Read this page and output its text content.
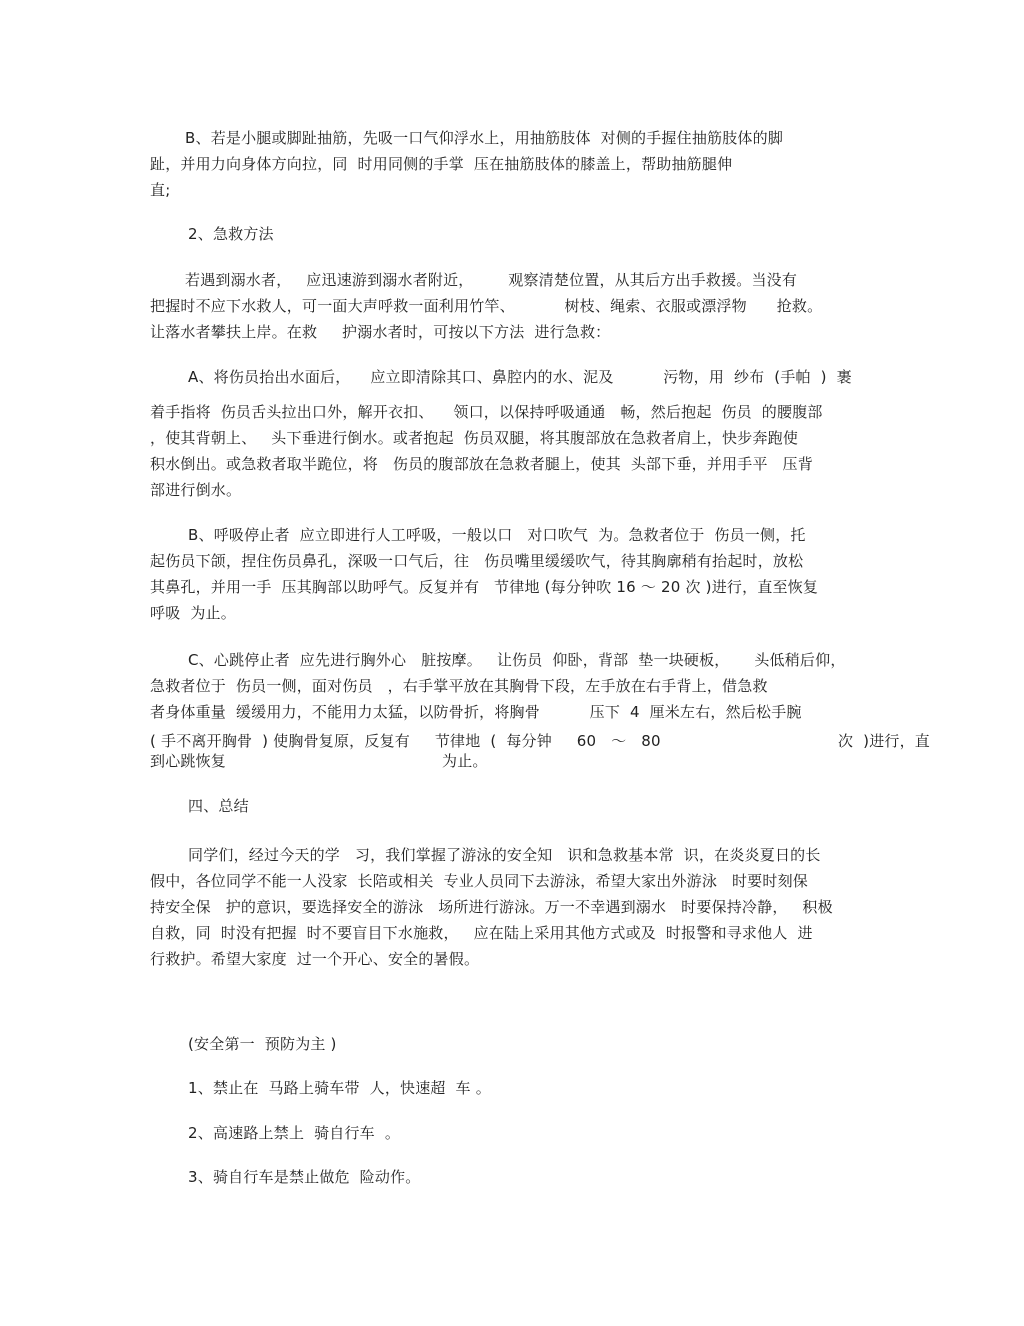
B、若是小腿或脚趾抽筋，先吸一口气仰浮水上，用抽筋肢体  对侧的手握住抽筋肢体的脚
趾，并用力向身体方向拉，同  时用同侧的手掌  压在抽筋肢体的膝盖上，帮助抽筋腿伸
直;
2、急救方法
若遇到溺水者，   应迅速游到溺水者附近，       观察清楚位置，从其后方出手救援。当没有
把握时不应下水救人，可一面大声呼救一面利用竹竿、          树枝、绳索、衣服或漂浮物      抢救。
让落水者攀扶上岸。在救     护溺水者时，可按以下方法  进行急救：
A、将伤员抬出水面后，    应立即清除其口、鼻腔内的水、泥及          污物，用  纱布  (手帕  )  裹
着手指将  伤员舌头拉出口外，解开衣扣、    领口，以保持呼吸通通   畅，然后抱起  伤员  的腰腹部
，使其背朝上、   头下垂进行倒水。或者抱起  伤员双腿，将其腹部放在急救者肩上，快步奔跑使
积水倒出。或急救者取半跪位，将   伤员的腹部放在急救者腿上，使其  头部下垂，并用手平   压背
部进行倒水。
B、呼吸停止者  应立即进行人工呼吸，一般以口   对口吹气  为。急救者位于  伤员一侧，托
起伤员下颌，捏住伤员鼻孔，深吸一口气后，往   伤员嘴里缓缓吹气，待其胸廓稍有抬起时，放松
其鼻孔，并用一手  压其胸部以助呼气。反复并有   节律地 (每分钟吹 16 ～ 20 次 )进行，直至恢复
呼吸  为止。
C、心跳停止者  应先进行胸外心   脏按摩。   让伤员  仰卧，背部  垫一块硬板，     头低稍后仰，
急救者位于  伤员一侧，面对伤员   ，右手掌平放在其胸骨下段，左手放在右手背上，借急救
者身体重量  缓缓用力，不能用力太猛，以防骨折，将胸骨          压下  4  厘米左右，然后松手腕
( 手不离开胸骨  ) 使胸骨复原，反复有     节律地  (  每分钟     60   ～   80	次  )进行，直
到心跳恢复	为止。
四、总结
同学们，经过今天的学   习，我们掌握了游泳的安全知   识和急救基本常  识，在炎炎夏日的长
假中，各位同学不能一人没家  长陪或相关  专业人员同下去游泳，希望大家出外游泳   时要时刻保
持安全保   护的意识，要选择安全的游泳   场所进行游泳。万一不幸遇到溺水   时要保持冷静，   积极
自救，同  时没有把握  时不要盲目下水施救，   应在陆上采用其他方式或及  时报警和寻求他人  进
行救护。希望大家度  过一个开心、安全的暑假。
(安全第一  预防为主 )
1、禁止在  马路上骑车带  人，快速超  车 。
2、高速路上禁上  骑自行车  。
3、骑自行车是禁止做危  险动作。
